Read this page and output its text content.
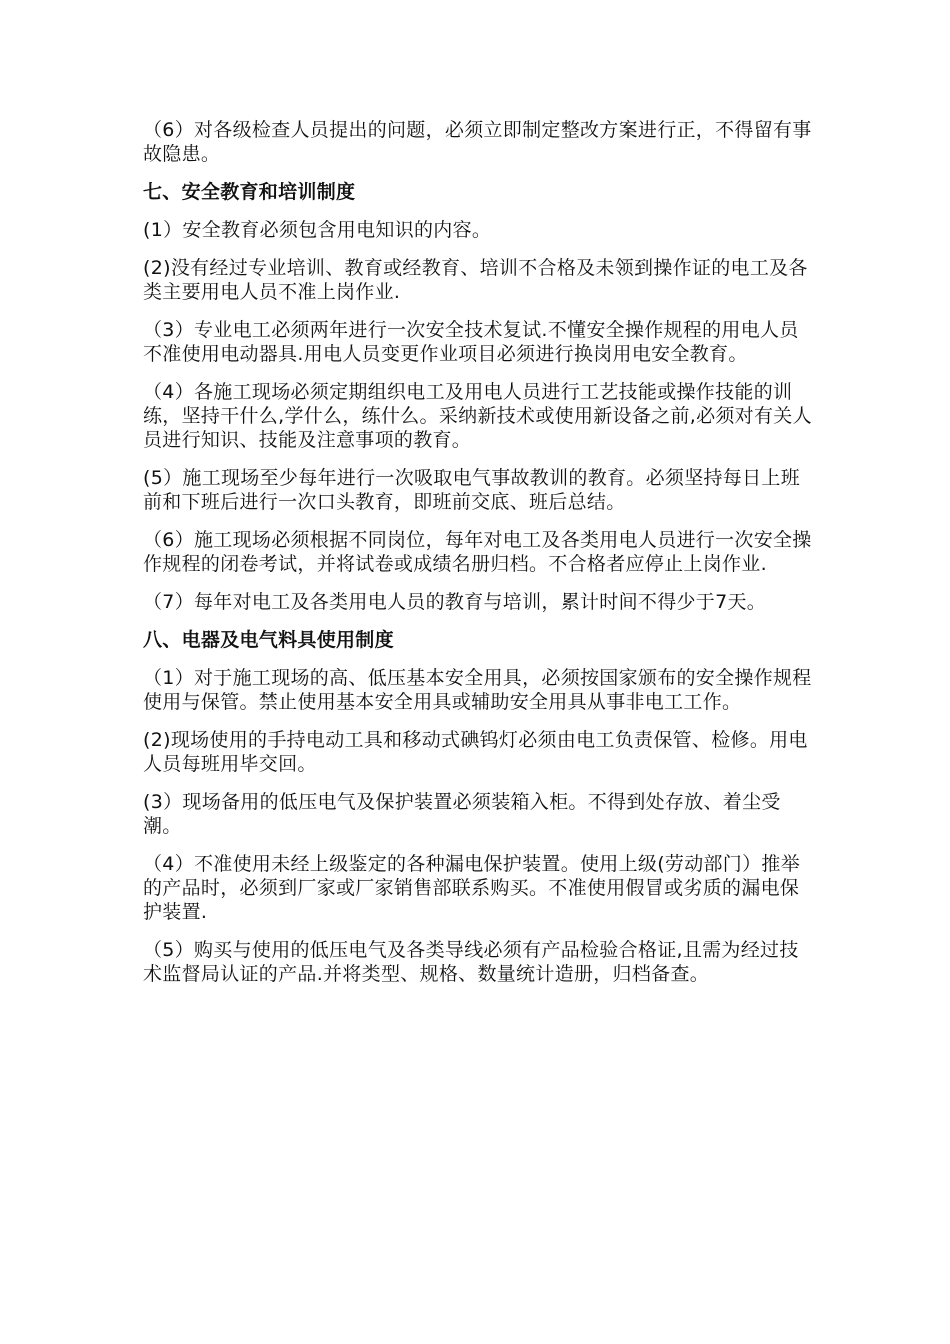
（6）对各级检查人员提出的问题，必须立即制定整改方案进行正，不得留有事故隐患。

七、安全教育和培训制度

(1）安全教育必须包含用电知识的内容。

(2)没有经过专业培训、教育或经教育、培训不合格及未领到操作证的电工及各类主要用电人员不准上岗作业.

（3）专业电工必须两年进行一次安全技术复试.不懂安全操作规程的用电人员不准使用电动器具.用电人员变更作业项目必须进行换岗用电安全教育。

（4）各施工现场必须定期组织电工及用电人员进行工艺技能或操作技能的训练，坚持干什么,学什么，练什么。采纳新技术或使用新设备之前,必须对有关人员进行知识、技能及注意事项的教育。

(5）施工现场至少每年进行一次吸取电气事故教训的教育。必须坚持每日上班前和下班后进行一次口头教育，即班前交底、班后总结。

（6）施工现场必须根据不同岗位，每年对电工及各类用电人员进行一次安全操作规程的闭卷考试，并将试卷或成绩名册归档。不合格者应停止上岗作业.

（7）每年对电工及各类用电人员的教育与培训，累计时间不得少于7天。

八、电器及电气料具使用制度

（1）对于施工现场的高、低压基本安全用具，必须按国家颁布的安全操作规程使用与保管。禁止使用基本安全用具或辅助安全用具从事非电工工作。

(2)现场使用的手持电动工具和移动式碘钨灯必须由电工负责保管、检修。用电人员每班用毕交回。

(3）现场备用的低压电气及保护装置必须装箱入柜。不得到处存放、着尘受潮。

（4）不准使用未经上级鉴定的各种漏电保护装置。使用上级(劳动部门）推举的产品时，必须到厂家或厂家销售部联系购买。不准使用假冒或劣质的漏电保护装置.

（5）购买与使用的低压电气及各类导线必须有产品检验合格证,且需为经过技术监督局认证的产品.并将类型、规格、数量统计造册，归档备查。
